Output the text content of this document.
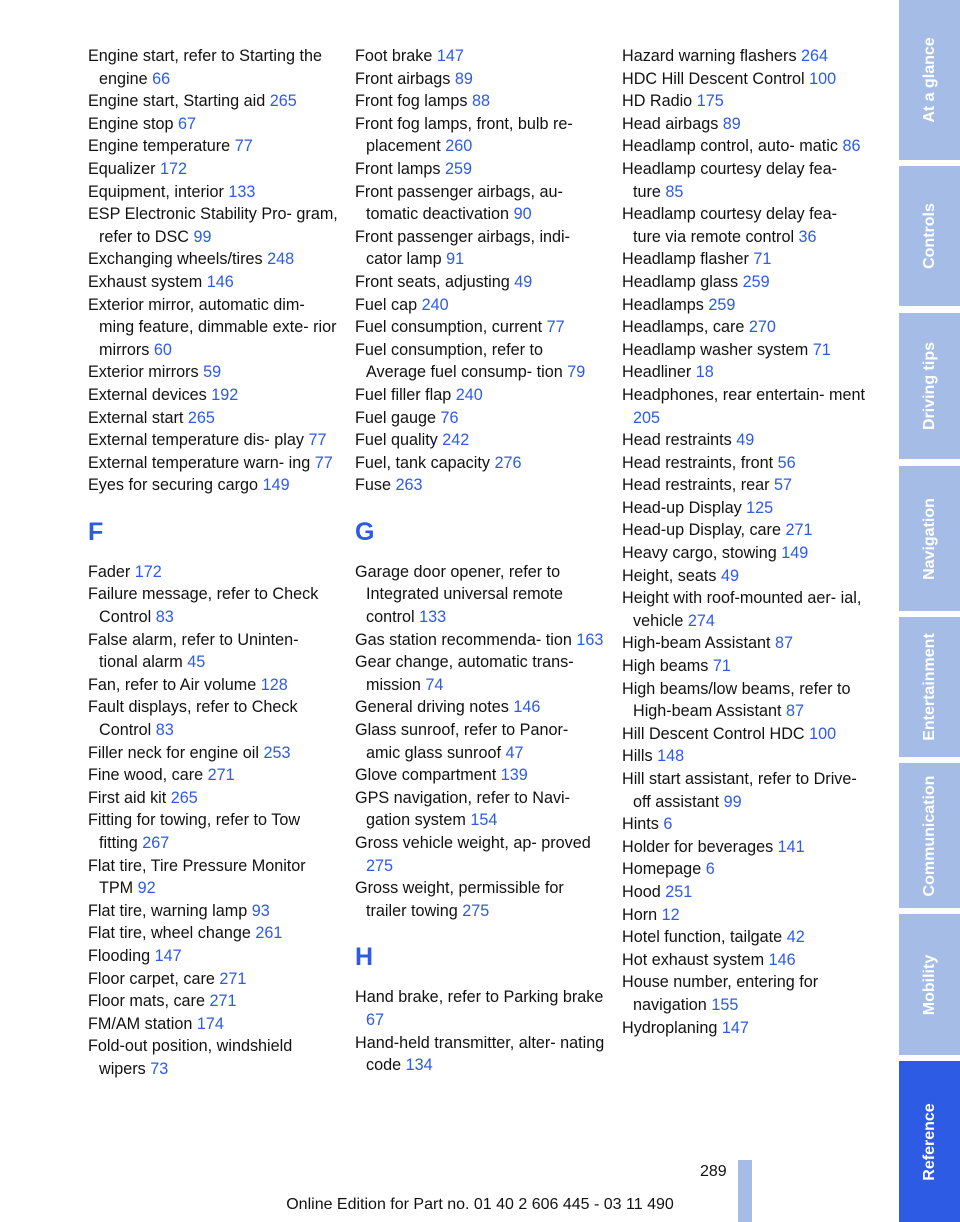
Engine start, refer to Starting the engine 66
Engine start, Starting aid 265
Engine stop 67
Engine temperature 77
Equalizer 172
Equipment, interior 133
ESP Electronic Stability Pro- gram, refer to DSC 99
Exchanging wheels/tires 248
Exhaust system 146
Exterior mirror, automatic dim- ming feature, dimmable exte- rior mirrors 60
Exterior mirrors 59
External devices 192
External start 265
External temperature dis- play 77
External temperature warn- ing 77
Eyes for securing cargo 149
F
Fader 172
Failure message, refer to Check Control 83
False alarm, refer to Uninten- tional alarm 45
Fan, refer to Air volume 128
Fault displays, refer to Check Control 83
Filler neck for engine oil 253
Fine wood, care 271
First aid kit 265
Fitting for towing, refer to Tow fitting 267
Flat tire, Tire Pressure Monitor TPM 92
Flat tire, warning lamp 93
Flat tire, wheel change 261
Flooding 147
Floor carpet, care 271
Floor mats, care 271
FM/AM station 174
Fold-out position, windshield wipers 73
Foot brake 147
Front airbags 89
Front fog lamps 88
Front fog lamps, front, bulb re- placement 260
Front lamps 259
Front passenger airbags, au- tomatic deactivation 90
Front passenger airbags, indi- cator lamp 91
Front seats, adjusting 49
Fuel cap 240
Fuel consumption, current 77
Fuel consumption, refer to Average fuel consump- tion 79
Fuel filler flap 240
Fuel gauge 76
Fuel quality 242
Fuel, tank capacity 276
Fuse 263
G
Garage door opener, refer to Integrated universal remote control 133
Gas station recommenda- tion 163
Gear change, automatic trans- mission 74
General driving notes 146
Glass sunroof, refer to Panor- amic glass sunroof 47
Glove compartment 139
GPS navigation, refer to Navi- gation system 154
Gross vehicle weight, ap- proved 275
Gross weight, permissible for trailer towing 275
H
Hand brake, refer to Parking brake 67
Hand-held transmitter, alter- nating code 134
Hazard warning flashers 264
HDC Hill Descent Control 100
HD Radio 175
Head airbags 89
Headlamp control, auto- matic 86
Headlamp courtesy delay fea- ture 85
Headlamp courtesy delay fea- ture via remote control 36
Headlamp flasher 71
Headlamp glass 259
Headlamps 259
Headlamps, care 270
Headlamp washer system 71
Headliner 18
Headphones, rear entertain- ment 205
Head restraints 49
Head restraints, front 56
Head restraints, rear 57
Head-up Display 125
Head-up Display, care 271
Heavy cargo, stowing 149
Height, seats 49
Height with roof-mounted aer- ial, vehicle 274
High-beam Assistant 87
High beams 71
High beams/low beams, refer to High-beam Assistant 87
Hill Descent Control HDC 100
Hills 148
Hill start assistant, refer to Drive-off assistant 99
Hints 6
Holder for beverages 141
Homepage 6
Hood 251
Horn 12
Hotel function, tailgate 42
Hot exhaust system 146
House number, entering for navigation 155
Hydroplaning 147
At a glance
Controls
Driving tips
Navigation
Entertainment
Communication
Mobility
Reference
289
Online Edition for Part no. 01 40 2 606 445 - 03 11 490
